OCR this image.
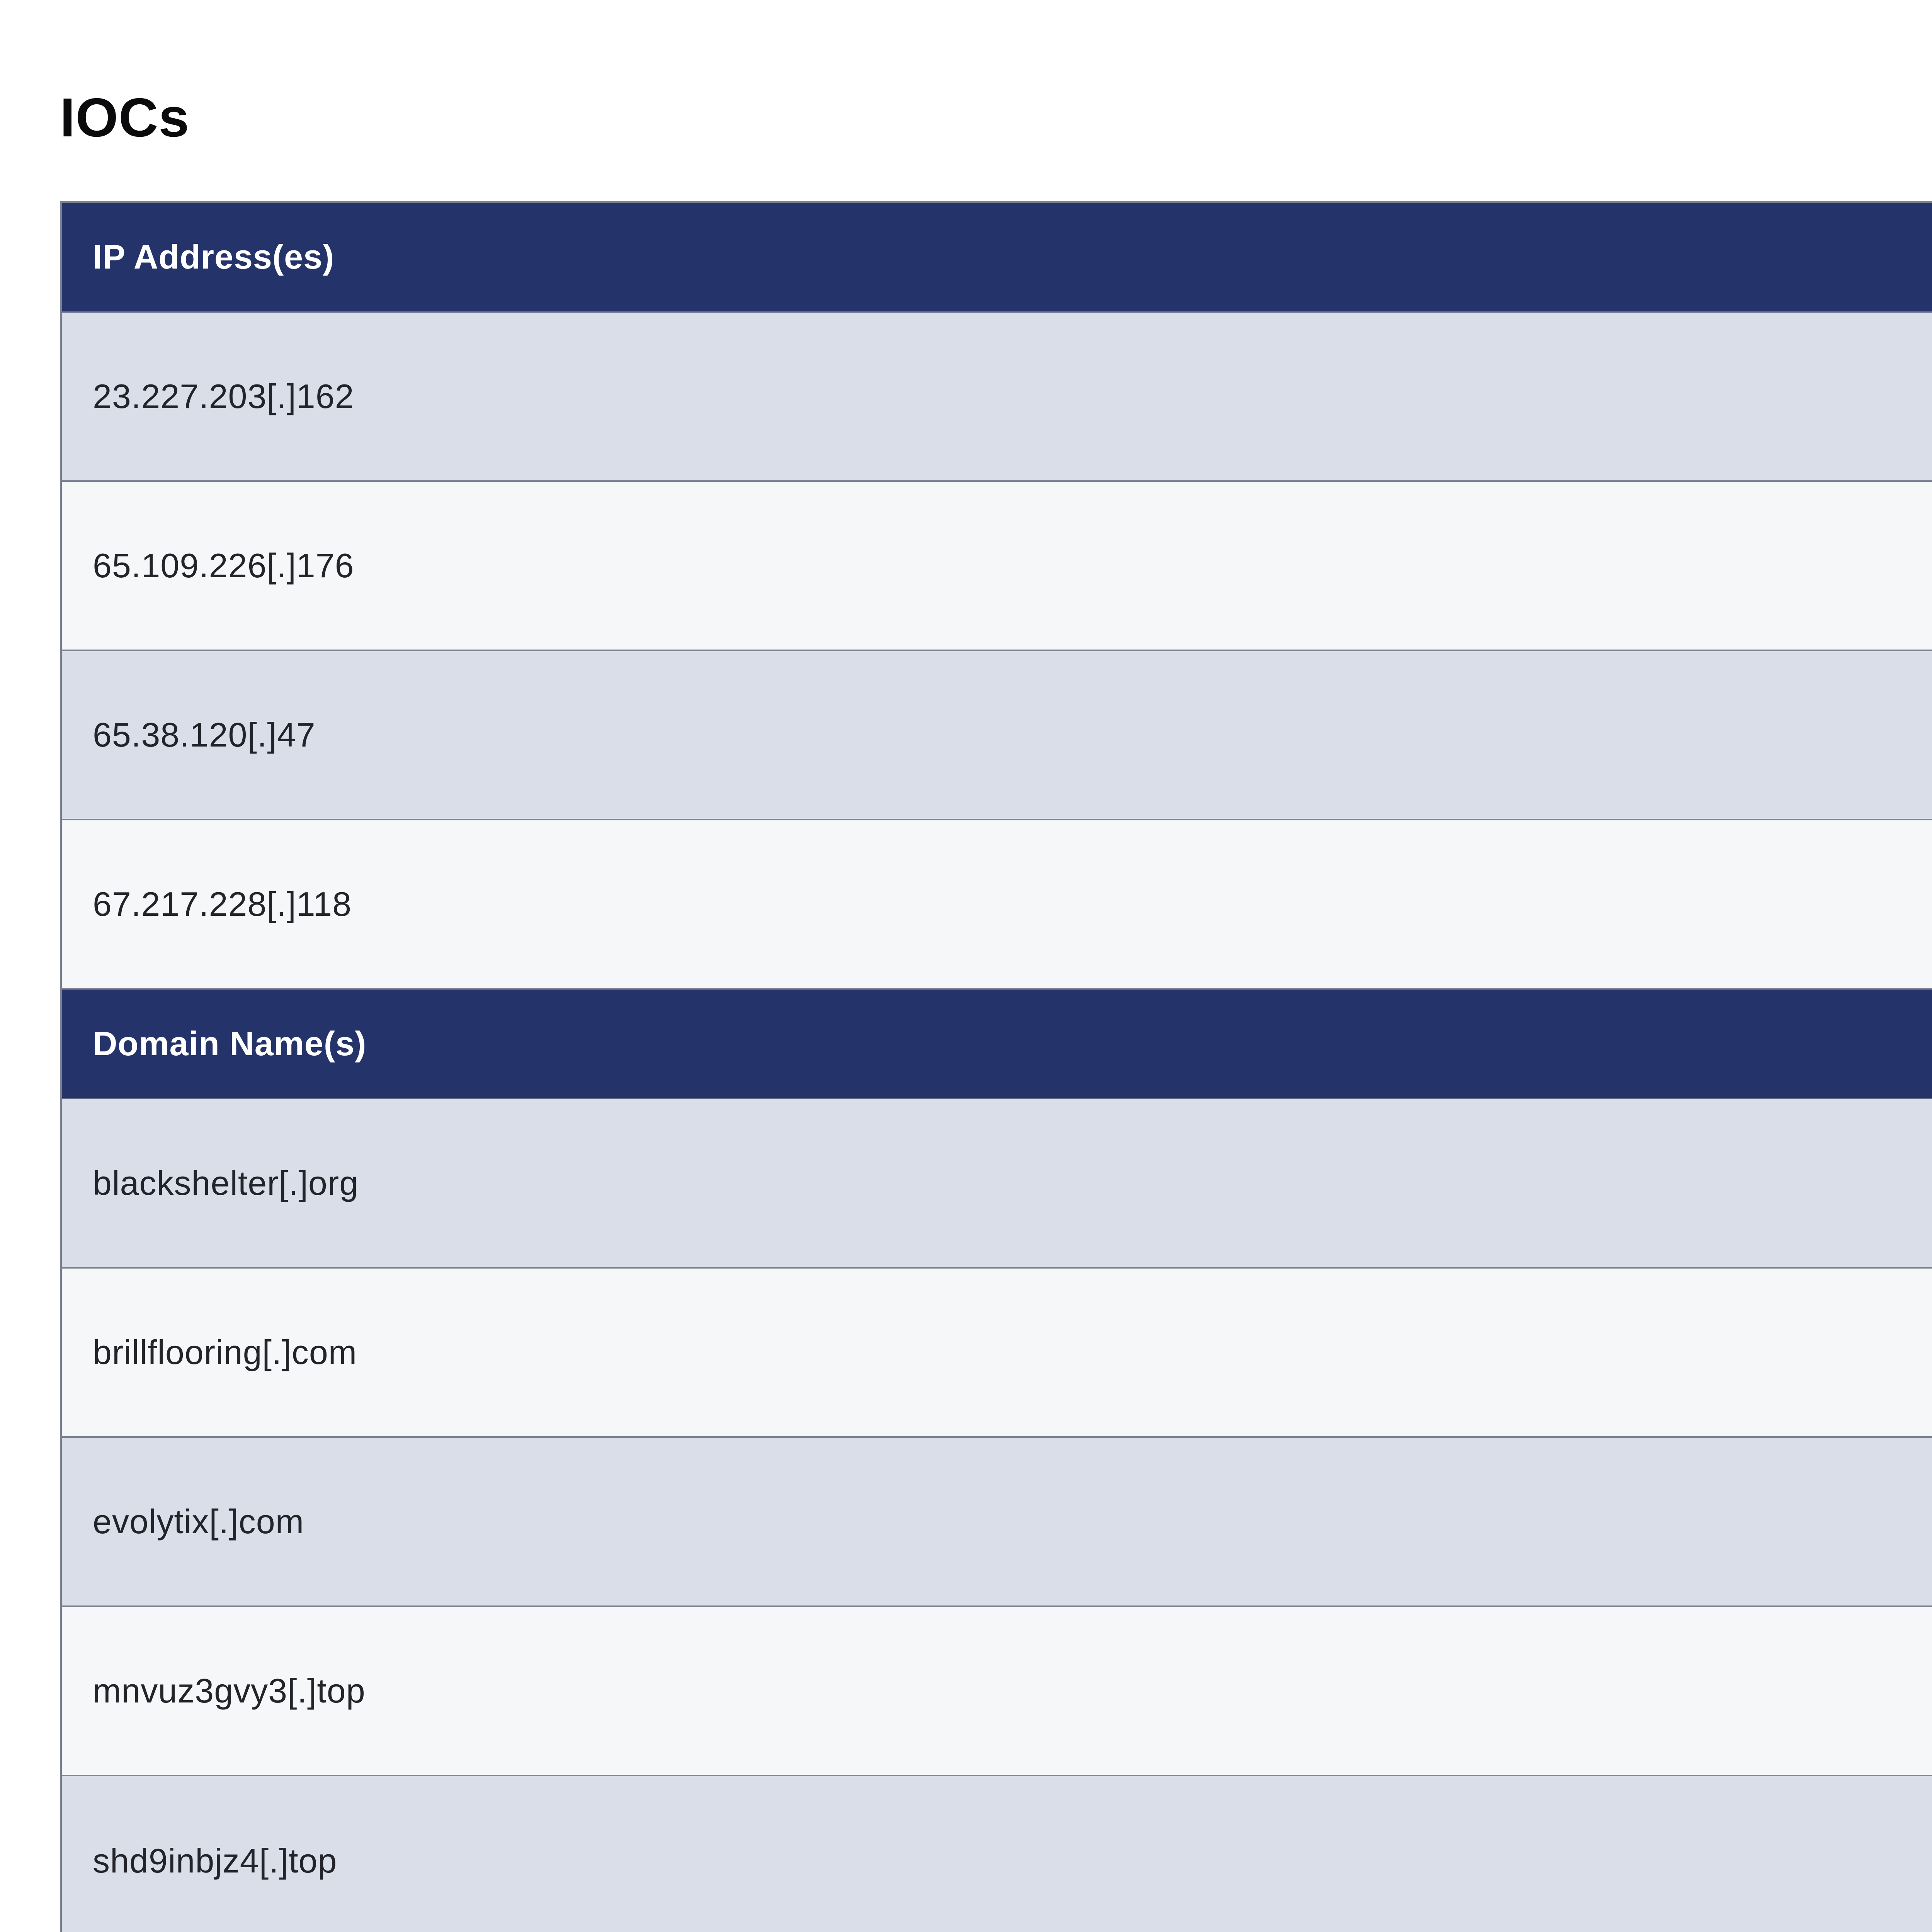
IOCs
IP Address(es)
23.227.203[.]162
65.109.226[.]176
65.38.120[.]47
67.217.228[.]118
Domain Name(s)
blackshelter[.]org
brillflooring[.]com
evolytix[.]com
mnvuz3gvy3[.]top
shd9inbjz4[.]top
